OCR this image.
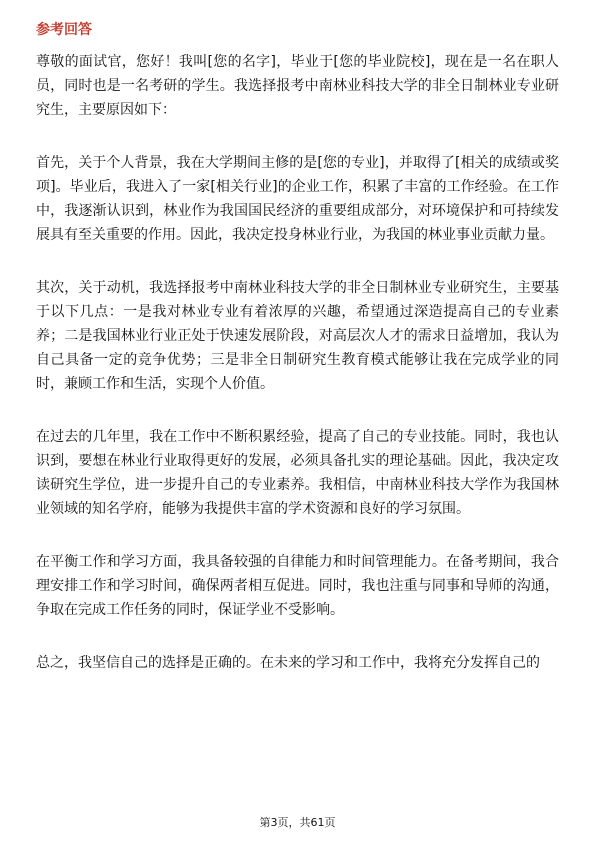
参考回答

尊敬的面试官，您好！我叫[您的名字]，毕业于[您的毕业院校]，现在是一名在职人员，同时也是一名考研的学生。我选择报考中南林业科技大学的非全日制林业专业研究生，主要原因如下：

首先，关于个人背景，我在大学期间主修的是[您的专业]，并取得了[相关的成绩或奖项]。毕业后，我进入了一家[相关行业]的企业工作，积累了丰富的工作经验。在工作中，我逐渐认识到，林业作为我国国民经济的重要组成部分，对环境保护和可持续发展具有至关重要的作用。因此，我决定投身林业行业，为我国的林业事业贡献力量。

其次，关于动机，我选择报考中南林业科技大学的非全日制林业专业研究生，主要基于以下几点：一是我对林业专业有着浓厚的兴趣，希望通过深造提高自己的专业素养；二是我国林业行业正处于快速发展阶段，对高层次人才的需求日益增加，我认为自己具备一定的竞争优势；三是非全日制研究生教育模式能够让我在完成学业的同时，兼顾工作和生活，实现个人价值。

在过去的几年里，我在工作中不断积累经验，提高了自己的专业技能。同时，我也认识到，要想在林业行业取得更好的发展，必须具备扎实的理论基础。因此，我决定攻读研究生学位，进一步提升自己的专业素养。我相信，中南林业科技大学作为我国林业领域的知名学府，能够为我提供丰富的学术资源和良好的学习氛围。

在平衡工作和学习方面，我具备较强的自律能力和时间管理能力。在备考期间，我合理安排工作和学习时间，确保两者相互促进。同时，我也注重与同事和导师的沟通，争取在完成工作任务的同时，保证学业不受影响。

总之，我坚信自己的选择是正确的。在未来的学习和工作中，我将充分发挥自己的

第3页，共61页
